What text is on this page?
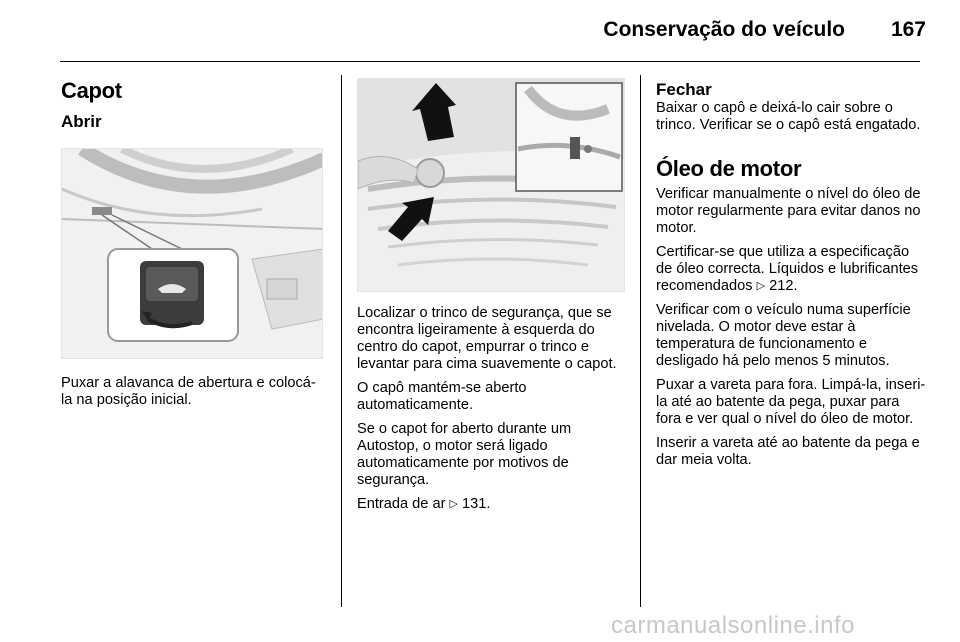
Conservação do veículo	167
Capot
Abrir

Puxar a alavanca de abertura e colocá-la na posição inicial.

Localizar o trinco de segurança, que se encontra ligeiramente à esquerda do centro do capot, empurrar o trinco e levantar para cima suavemente o capot.

O capô mantém-se aberto automaticamente.

Se o capot for aberto durante um Autostop, o motor será ligado automaticamente por motivos de segurança.

Entrada de ar ▷ 131.

Fechar

Baixar o capô e deixá-lo cair sobre o trinco. Verificar se o capô está engatado.

Óleo de motor

Verificar manualmente o nível do óleo de motor regularmente para evitar danos no motor.

Certificar-se que utiliza a especificação de óleo correcta. Líquidos e lubrificantes recomendados ▷ 212.

Verificar com o veículo numa superfície nivelada. O motor deve estar à temperatura de funcionamento e desligado há pelo menos 5 minutos.

Puxar a vareta para fora. Limpá-la, inseri-la até ao batente da pega, puxar para fora e ver qual o nível do óleo de motor.

Inserir a vareta até ao batente da pega e dar meia volta.

carmanualsonline.info
